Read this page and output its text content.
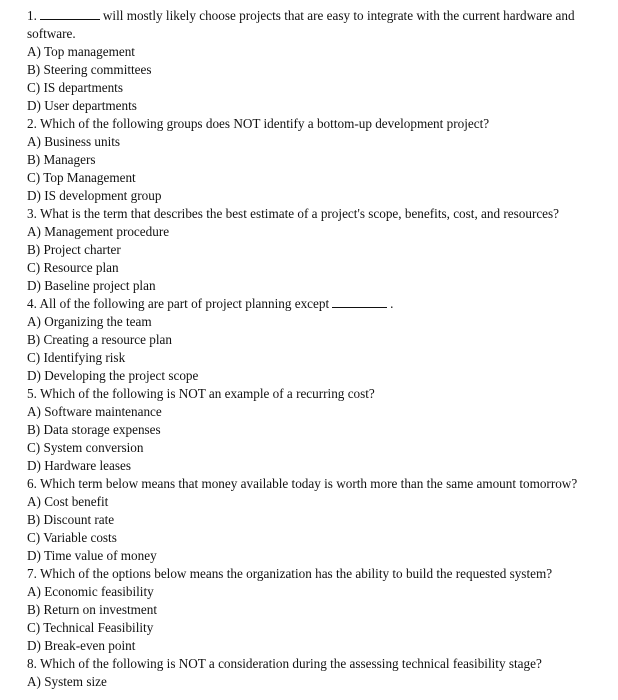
1.	will mostly likely choose projects that are easy to integrate with the current hardware and
software.
A) Top management
B) Steering committees
C) IS departments
D) User departments
2. Which of the following groups does NOT identify a bottom-up development project?
A) Business units
B) Managers
C) Top Management
D) IS development group
3. What is the term that describes the best estimate of a project's scope, benefits, cost, and resources?
A) Management procedure
B) Project charter
C) Resource plan
D) Baseline project plan
4. All of the following are part of project planning except	.
A) Organizing the team
B) Creating a resource plan
C) Identifying risk
D) Developing the project scope
5. Which of the following is NOT an example of a recurring cost?
A) Software maintenance
B) Data storage expenses
C) System conversion
D) Hardware leases
6. Which term below means that money available today is worth more than the same amount tomorrow?
A) Cost benefit
B) Discount rate
C) Variable costs
D) Time value of money
7. Which of the options below means the organization has the ability to build the requested system?
A) Economic feasibility
B) Return on investment
C) Technical Feasibility
D) Break-even point
8. Which of the following is NOT a consideration during the assessing technical feasibility stage?
A) System size
